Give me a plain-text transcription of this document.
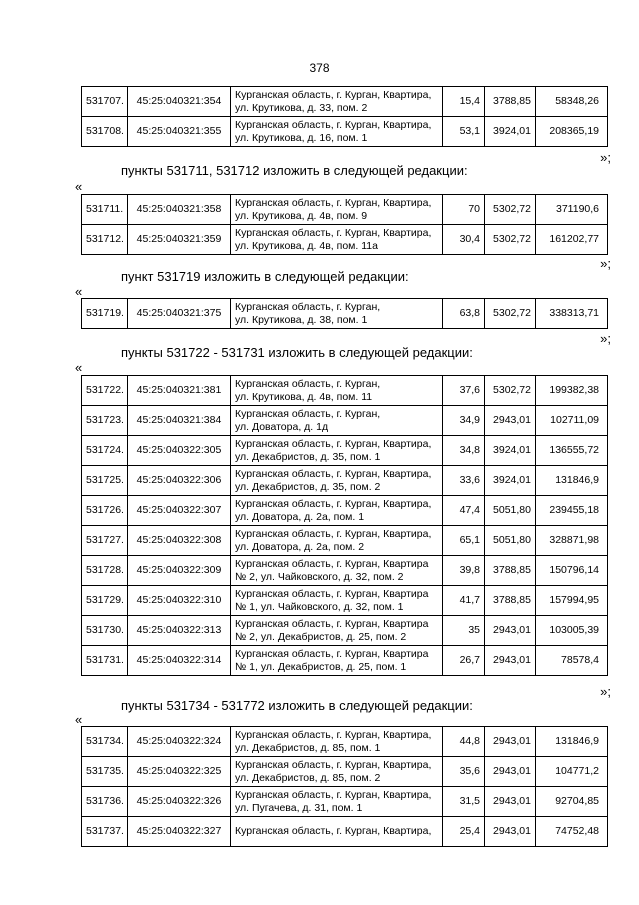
378
531707.	45:25:040321:354	Курганская область, г. Курган, Квартира,
ул. Крутикова, д. 33, пом. 2	15,4	3788,85	58348,26
531708.	45:25:040321:355	Курганская область, г. Курган, Квартира,
ул. Крутикова, д. 16, пом. 1	53,1	3924,01	208365,19
»;
пункты 531711, 531712 изложить в следующей редакции:
«
531711.	45:25:040321:358	Курганская область, г. Курган, Квартира,
ул. Крутикова, д. 4в, пом. 9	70	5302,72	371190,6
531712.	45:25:040321:359	Курганская область, г. Курган, Квартира,
ул. Крутикова, д. 4в, пом. 11а	30,4	5302,72	161202,77
»;
пункт 531719 изложить в следующей редакции:
«
531719.	45:25:040321:375	
Курганская область, г. Курган,
ул. Крутикова, д. 38, пом. 1
	63,8	5302,72	338313,71
»;
пункты 531722 - 531731 изложить в следующей редакции:
«
531722.	45:25:040321:381	Курганская область, г. Курган,
ул. Крутикова, д. 4в, пом. 11	37,6	5302,72	199382,38
531723.	45:25:040321:384	Курганская область, г. Курган,
ул. Доватора, д. 1д	34,9	2943,01	102711,09
531724.	45:25:040322:305	Курганская область, г. Курган, Квартира,
ул. Декабристов, д. 35, пом. 1	34,8	3924,01	136555,72
531725.	45:25:040322:306	Курганская область, г. Курган, Квартира,
ул. Декабристов, д. 35, пом. 2	33,6	3924,01	131846,9
531726.	45:25:040322:307	Курганская область, г. Курган, Квартира,
ул. Доватора, д. 2а, пом. 1	47,4	5051,80	239455,18
531727.	45:25:040322:308	Курганская область, г. Курган, Квартира,
ул. Доватора, д. 2а, пом. 2	65,1	5051,80	328871,98
531728.	45:25:040322:309	Курганская область, г. Курган, Квартира
№ 2, ул. Чайковского, д. 32, пом. 2	39,8	3788,85	150796,14
531729.	45:25:040322:310	Курганская область, г. Курган, Квартира
№ 1, ул. Чайковского, д. 32, пом. 1	41,7	3788,85	157994,95
531730.	45:25:040322:313	Курганская область, г. Курган, Квартира
№ 2, ул. Декабристов, д. 25, пом. 2	35	2943,01	103005,39
531731.	45:25:040322:314	Курганская область, г. Курган, Квартира
№ 1, ул. Декабристов, д. 25, пом. 1	26,7	2943,01	78578,4
»;
пункты 531734 - 531772 изложить в следующей редакции:
«
531734.	45:25:040322:324	Курганская область, г. Курган, Квартира,
ул. Декабристов, д. 85, пом. 1	44,8	2943,01	131846,9
531735.	45:25:040322:325	Курганская область, г. Курган, Квартира,
ул. Декабристов, д. 85, пом. 2	35,6	2943,01	104771,2
531736.	45:25:040322:326	Курганская область, г. Курган, Квартира,
ул. Пугачева, д. 31, пом. 1	31,5	2943,01	92704,85
531737.	45:25:040322:327	Курганская область, г. Курган, Квартира,	25,4	2943,01	74752,48
